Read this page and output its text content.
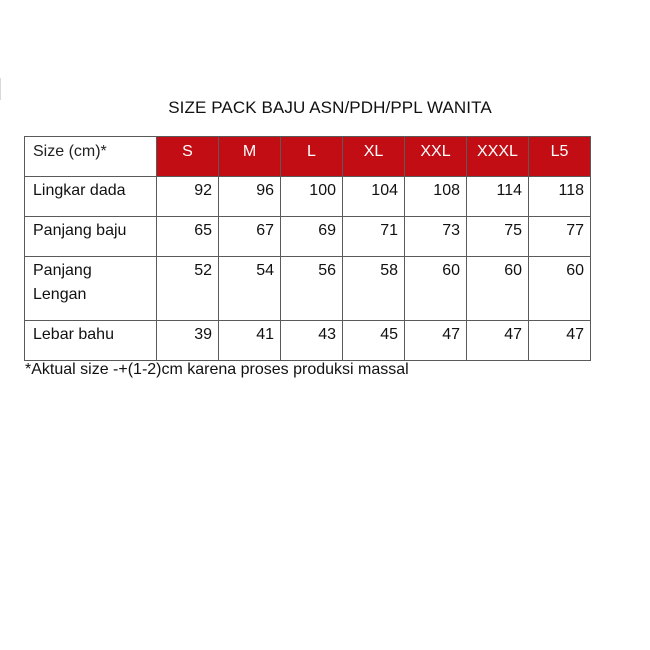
SIZE PACK BAJU ASN/PDH/PPL WANITA
Size (cm)*	S	M	L	XL	XXL	XXXL	L5
Lingkar dada	92	96	100	104	108	114	118
Panjang baju	65	67	69	71	73	75	77
Panjang
Lengan	52	54	56	58	60	60	60
Lebar bahu	39	41	43	45	47	47	47
*Aktual size -+(1-2)cm karena proses produksi massal
